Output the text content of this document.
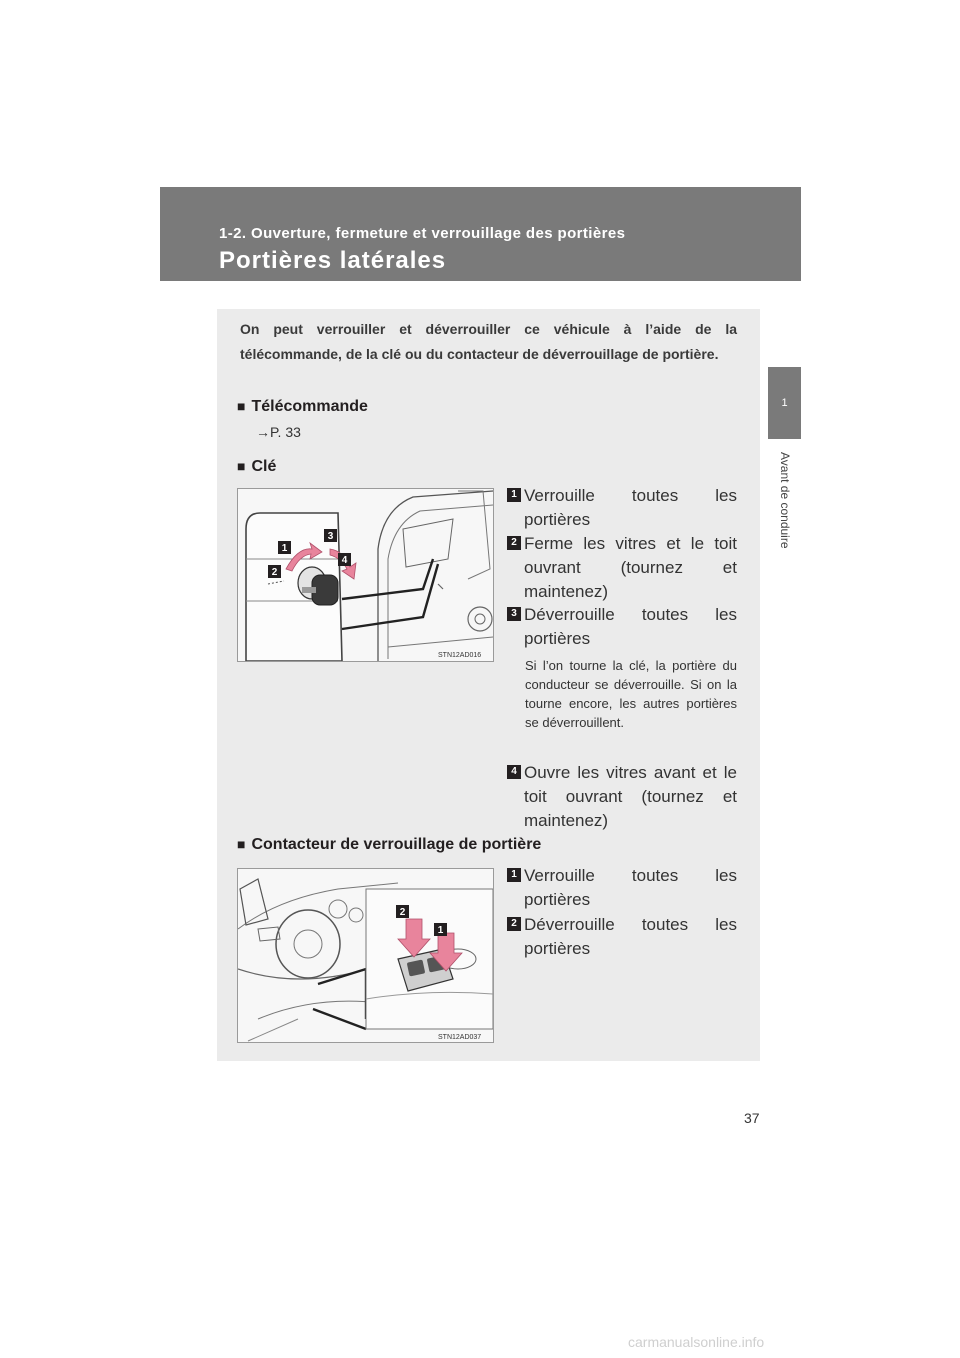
1-2. Ouverture, fermeture et verrouillage des portières
Portières latérales
1
Avant de conduire
On peut verrouiller et déverrouiller ce véhicule à l’aide de la télécommande, de la clé ou du contacteur de déverrouillage de portière.
■ Télécommande
→P. 33
■ Clé
1
2
3
4
STN12AD016
1 Verrouille toutes les portières
2 Ferme les vitres et le toit ouvrant (tournez et maintenez)
3 Déverrouille toutes les portières
Si l’on tourne la clé, la portière du conducteur se déverrouille. Si on la tourne encore, les autres portières se déverrouillent.
4 Ouvre les vitres avant et le toit ouvrant (tournez et maintenez)
■ Contacteur de verrouillage de portière
2
1
STN12AD037
1 Verrouille toutes les portières
2 Déverrouille toutes les portières
37
carmanualsonline.info
